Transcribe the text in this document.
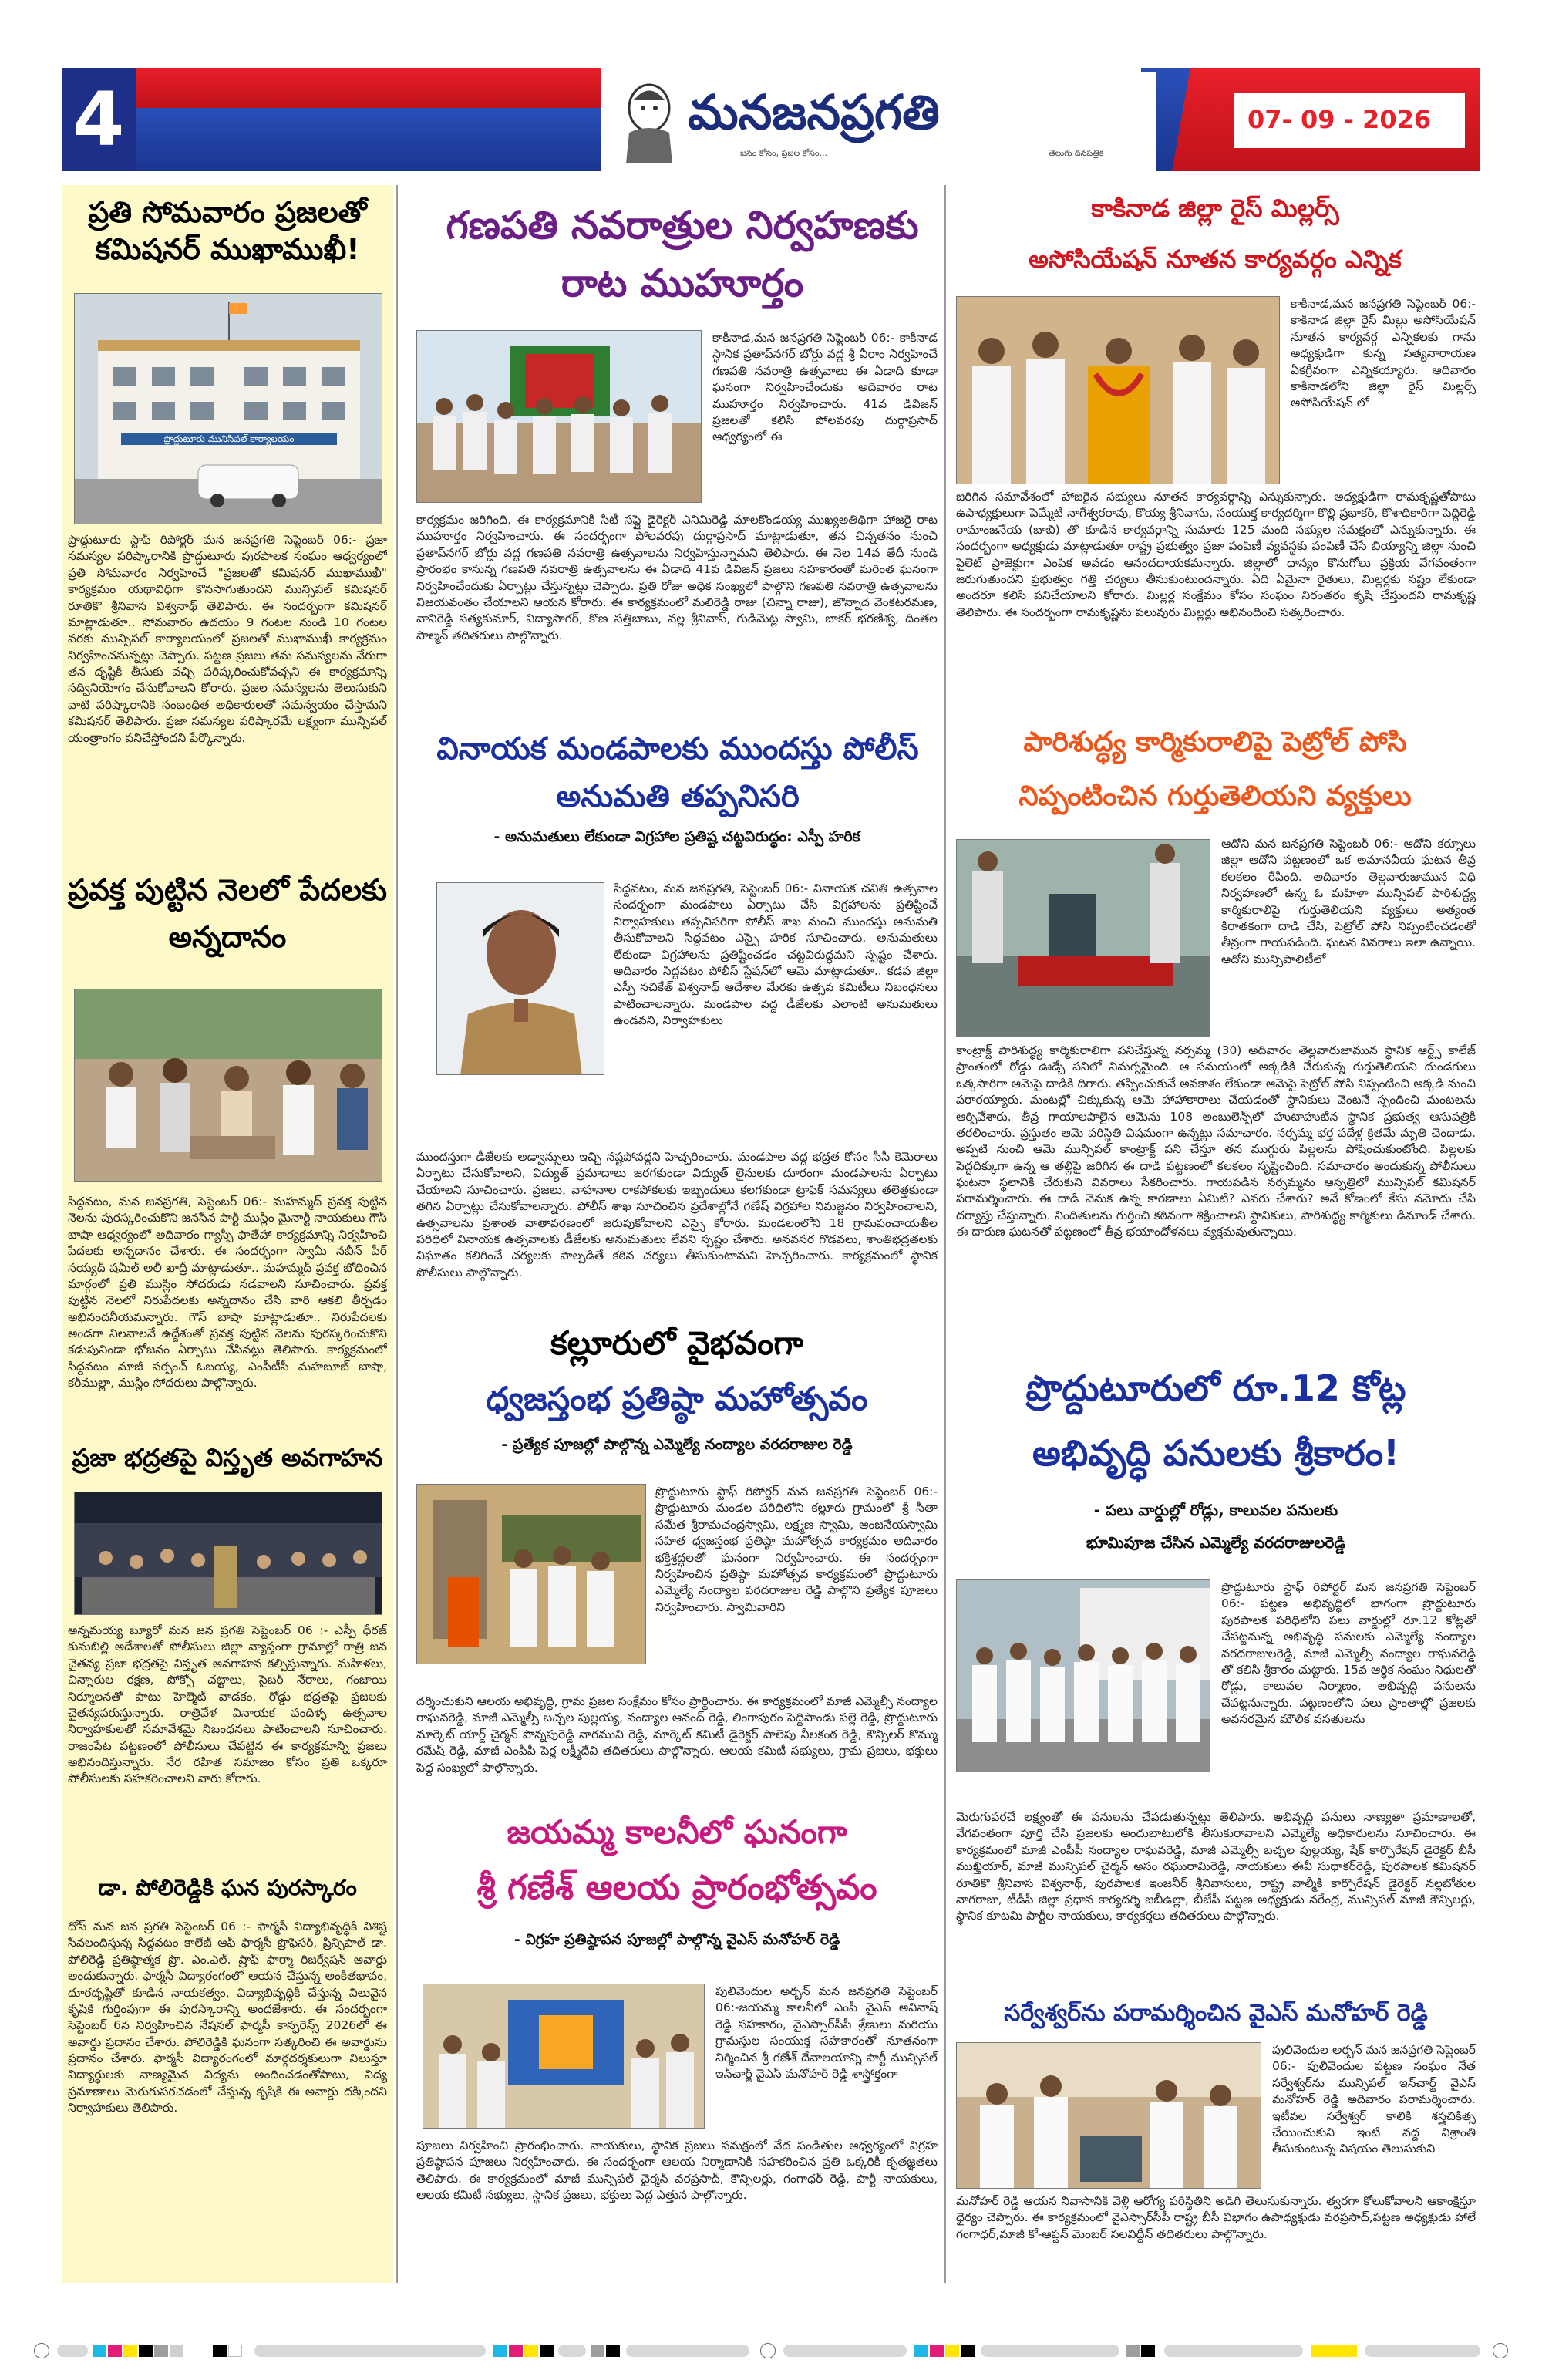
4	మనజనప్రగతి
జనం కోసం, ప్రజల కోసం...	తెలుగు దినపత్రిక
07- 09 - 2026
ప్రతి సోమవారం ప్రజలతో కమిషనర్ ముఖాముఖీ!
ప్రొద్దుటూరు మునిసిపల్ కార్యాలయం
ప్రొద్దుటూరు స్టాఫ్ రిపోర్టర్ మన జనప్రగతి సెప్టెంబర్ 06:- ప్రజా సమస్యల పరిష్కారానికి ప్రొద్దుటూరు పురపాలక సంఘం ఆధ్వర్యంలో ప్రతి సోమవారం నిర్వహించే "ప్రజలతో కమిషనర్ ముఖాముఖీ" కార్యక్రమం యథావిధిగా కొనసాగుతుందని మున్సిపల్ కమిషనర్ రూతికొ శ్రీనివాస విశ్వనాథ్ తెలిపారు. ఈ సందర్భంగా కమిషనర్ మాట్లాడుతూ.. సోమవారం ఉదయం 9 గంటల నుండి 10 గంటల వరకు మున్సిపల్ కార్యాలయంలో ప్రజలతో ముఖాముఖీ కార్యక్రమం నిర్వహించనున్నట్లు చెప్పారు. పట్టణ ప్రజలు తమ సమస్యలను నేరుగా తన దృష్టికి తీసుకు వచ్చి పరిష్కరించుకోవచ్చని ఈ కార్యక్రమాన్ని సద్వినియోగం చేసుకోవాలని కోరారు. ప్రజల సమస్యలను తెలుసుకుని వాటి పరిష్కారానికి సంబంధిత అధికారులతో సమన్వయం చేస్తామని కమిషనర్ తెలిపారు. ప్రజా సమస్యల పరిష్కారమే లక్ష్యంగా మున్సిపల్ యంత్రాంగం పనిచేస్తోందని పేర్కొన్నారు.
ప్రవక్త పుట్టిన నెలలో పేదలకు అన్నదానం
సిద్దవటం, మన జనప్రగతి, సెప్టెంబర్ 06:- మహమ్మద్ ప్రవక్త పుట్టిన నెలను పురస్కరించుకొని జనసేన పార్టీ ముస్లిం మైనార్టీ నాయకులు గౌస్ బాషా ఆధ్వర్యంలో అదివారం గ్యాస్పీ ఫాతేహా కార్యక్రమాన్ని నిర్వహించి పేదలకు అన్నదానం చేశారు. ఈ సందర్భంగా స్వామీ నబీన్ పీర్ సయ్యద్ షమీల్ అలీ ఖాద్రీ మాట్లాడుతూ.. మహమ్మద్ ప్రవక్త బోధించిన మార్గంలో ప్రతి ముస్లిం సోదరుడు నడవాలని సూచించారు. ప్రవక్త పుట్టిన నెలలో నిరుపేదలకు అన్నదానం చేసి వారి ఆకలి తీర్చడం అభినందనీయమన్నారు. గౌస్ బాషా మాట్లాడుతూ.. నిరుపేదలకు అండగా నిలవాలనే ఉద్దేశంతో ప్రవక్త పుట్టిన నెలను పురస్కరించుకొని కడుపునిండా భోజనం ఏర్పాటు చేసినట్లు తెలిపారు. కార్యక్రమంలో సిద్దవటం మాజీ సర్పంచ్ ఓబయ్య, ఎంపీటీసీ మహబూబ్ బాషా, కరీముల్లా, ముస్లిం సోదరులు పాల్గొన్నారు.
ప్రజా భద్రతపై విస్తృత అవగాహన
అన్నమయ్య బ్యూరో మన జన ప్రగతి సెప్టెంబర్ 06 :- ఎస్పీ ధీరజ్ కునుబిల్లి అదేశాలతో పోలీసులు జిల్లా వ్యాప్తంగా గ్రామాల్లో రాత్రి జన చైతన్య ప్రజా భద్రతపై విస్తృత అవగాహన కల్పిస్తున్నారు. మహిళలు, చిన్నారుల రక్షణ, పోక్సో చట్టాలు, సైబర్ నేరాలు, గంజాయి నిర్మూలనతో పాటు హెల్మెట్ వాడకం, రోడ్డు భద్రతపై ప్రజలకు చైతన్యపరుస్తున్నారు. రాత్రివేళ వినాయక పందిళ్ళ ఉత్సవాల నిర్వాహకులతో సమావేశమై నిబంధనలు పాటించాలని సూచించారు. రాజంపేట పట్టణంలో పోలీసులు చేపట్టిన ఈ కార్యక్రమాన్ని ప్రజలు అభినందిస్తున్నారు. నేర రహిత సమాజం కోసం ప్రతి ఒక్కరూ పోలీసులకు సహకరించాలని వారు కోరారు.
డా. పోలిరెడ్డికి ఘన పురస్కారం
దోస్ మన జన ప్రగతి సెప్టెంబర్ 06 :- ఫార్మసీ విద్యాభివృద్ధికి విశిష్ట సేవలందిస్తున్న సిద్దవటం కాలేజ్ ఆఫ్ ఫార్మసీ ప్రొఫెసర్, ప్రిన్సిపాల్ డా. పోలిరెడ్డి ప్రతిష్ఠాత్మక ప్రొ. ఎం.ఎల్. ష్రాఫ్ ఫార్మా రిజర్వేషన్ అవార్డు అందుకున్నారు. ఫార్మసీ విద్యారంగంలో ఆయన చేస్తున్న అంకితభావం, దూరదృష్టితో కూడిన నాయకత్వం, విద్యాభివృద్ధికి చేస్తున్న విలువైన కృషికి గుర్తింపుగా ఈ పురస్కారాన్ని అందజేశారు. ఈ సందర్భంగా సెప్టెంబర్ 6న నిర్వహించిన నేషనల్ ఫార్మసీ కాన్ఫరెన్స్ 2026లో ఈ అవార్డు ప్రదానం చేశారు. పోలిరెడ్డికి ఘనంగా సత్కరించి ఈ అవార్డును ప్రదానం చేశారు. ఫార్మసీ విద్యారంగంలో మార్గదర్శకులుగా నిలుస్తూ విద్యార్థులకు నాణ్యమైన విద్యను అందించడంతోపాటు, విద్య ప్రమాణాలు మెరుగుపరచడంలో చేస్తున్న కృషికి ఈ అవార్డు దక్కిందని నిర్వాహకులు తెలిపారు.
గణపతి నవరాత్రుల నిర్వహణకు రాట ముహూర్తం
కాకినాడ,మన జనప్రగతి సెప్టెంబర్ 06:- కాకినాడ స్థానిక ప్రతాప్‌నగర్ బోర్డు వద్ద శ్రీ వీరాం నిర్వహించే గణపతి నవరాత్రి ఉత్సవాలు ఈ ఏడాది కూడా ఘనంగా నిర్వహించేందుకు అదివారం రాట ముహూర్తం నిర్వహించారు. 41వ డివిజన్ ప్రజలతో కలిసి పోలవరపు దుర్గాప్రసాద్ ఆధ్వర్యంలో ఈ
కార్యక్రమం జరిగింది. ఈ కార్యక్రమానికి సిటీ సప్లై డైరెక్టర్ ఎనిమిరెడ్డి మాలకొండయ్య ముఖ్యఅతిథిగా హాజరై రాట ముహూర్తం నిర్వహించారు. ఈ సందర్భంగా పోలవరపు దుర్గాప్రసాద్ మాట్లాడుతూ, తన చిన్నతనం నుంచి ప్రతాప్‌నగర్ బోర్డు వద్ద గణపతి నవరాత్రి ఉత్సవాలను నిర్వహిస్తున్నామని తెలిపారు. ఈ నెల 14వ తేదీ నుండి ప్రారంభం కానున్న గణపతి నవరాత్రి ఉత్సవాలను ఈ ఏడాది 41వ డివిజన్ ప్రజలు సహకారంతో మరింత ఘనంగా నిర్వహించేందుకు ఏర్పాట్లు చేస్తున్నట్లు చెప్పారు. ప్రతి రోజు అధిక సంఖ్యలో పాల్గొని గణపతి నవరాత్రి ఉత్సవాలను విజయవంతం చేయాలని ఆయన కోరారు. ఈ కార్యక్రమంలో మలిరెడ్డి రాజు (చిన్నా రాజు), జొన్నాద వెంకటరమణ, వానిరెడ్డి సత్యకుమార్, విద్యాసాగర్, కొణ సత్తిబాబు, వల్ల శ్రీనివాస్, గుడిమెట్ల స్వామి, బాకర్ భరణిశ్వ, దింతల సాల్మన్ తదితరులు పాల్గొన్నారు.
వినాయక మండపాలకు ముందస్తు పోలీస్ అనుమతి తప్పనిసరి
- అనుమతులు లేకుండా విగ్రహాల ప్రతిష్ట చట్టవిరుద్ధం: ఎస్పీ హరిక
సిద్దవటం, మన జనప్రగతి, సెప్టెంబర్ 06:- వినాయక చవితి ఉత్సవాల సందర్భంగా మండపాలు ఏర్పాటు చేసి విగ్రహాలను ప్రతిష్టించే నిర్వాహకులు తప్పనిసరిగా పోలీస్ శాఖ నుంచి ముందస్తు అనుమతి తీసుకోవాలని సిద్దవటం ఎస్సై హరిక సూచించారు. అనుమతులు లేకుండా విగ్రహాలను ప్రతిష్టించడం చట్టవిరుద్ధమని స్పష్టం చేశారు. అదివారం సిద్దవటం పోలీస్ స్టేషన్‌లో ఆమె మాట్లాడుతూ.. కడప జిల్లా ఎస్పీ నచికేత్ విశ్వనాథ్ ఆదేశాల మేరకు ఉత్సవ కమిటీలు నిబంధనలు పాటించాలన్నారు. మండపాల వద్ద డీజేలకు ఎలాంటి అనుమతులు ఉండవని, నిర్వాహకులు
ముందస్తుగా డీజేలకు అడ్వాన్సులు ఇచ్చి నష్టపోవద్దని హెచ్చరించారు. మండపాల వద్ద భద్రత కోసం సీసీ కెమెరాలు ఏర్పాటు చేసుకోవాలని, విద్యుత్ ప్రమాదాలు జరగకుండా విద్యుత్ లైనులకు దూరంగా మండపాలను ఏర్పాటు చేయాలని సూచించారు. ప్రజలు, వాహనాల రాకపోకలకు ఇబ్బందులు కలగకుండా ట్రాఫిక్ సమస్యలు తలెత్తకుండా తగిన ఏర్పాట్లు చేసుకోవాలన్నారు. పోలీస్ శాఖ సూచించిన ప్రదేశాల్లోనే గణేష్ విగ్రహాల నిమజ్జనం నిర్వహించాలని, ఉత్సవాలను ప్రశాంత వాతావరణంలో జరుపుకోవాలని ఎస్సై కోరారు. మండలంలోని 18 గ్రామపంచాయతీల పరిధిలో వినాయక ఉత్సవాలకు డీజేలకు అనుమతులు లేవని స్పష్టం చేశారు. అనవసర గొడవలు, శాంతిభద్రతలకు విఘాతం కలిగించే చర్యలకు పాల్పడితే కఠిన చర్యలు తీసుకుంటామని హెచ్చరించారు. కార్యక్రమంలో స్థానిక పోలీసులు పాల్గొన్నారు.
కల్లూరులో వైభవంగా
ధ్వజస్తంభ ప్రతిష్ఠా మహోత్సవం
- ప్రత్యేక పూజల్లో పాల్గొన్న ఎమ్మెల్యే నంద్యాల వరదరాజుల రెడ్డి
ప్రొద్దుటూరు స్టాఫ్ రిపోర్టర్ మన జనప్రగతి సెప్టెంబర్ 06:-ప్రొద్దుటూరు మండల పరిధిలోని కల్లూరు గ్రామంలో శ్రీ సీతా సమేత శ్రీరామచంద్రస్వామి, లక్ష్మణ స్వామి, ఆంజనేయస్వామి సహిత ధ్వజస్తంభ ప్రతిష్ఠా మహోత్సవ కార్యక్రమం అదివారం భక్తిశ్రద్ధలతో ఘనంగా నిర్వహించారు. ఈ సందర్భంగా నిర్వహించిన ప్రతిష్ఠా మహోత్సవ కార్యక్రమంలో ప్రొద్దుటూరు ఎమ్మెల్యే నంద్యాల వరదరాజుల రెడ్డి పాల్గొని ప్రత్యేక పూజలు నిర్వహించారు. స్వామివారిని
దర్శించుకుని ఆలయ అభివృద్ధి, గ్రామ ప్రజల సంక్షేమం కోసం ప్రార్థించారు. ఈ కార్యక్రమంలో మాజీ ఎమ్మెల్సీ నంద్యాల రాఘవరెడ్డి, మాజీ ఎమ్మెల్సీ బచ్చల పుల్లయ్య, నంద్యాల ఆనంద్ రెడ్డి, లింగాపురం పెద్దిపాండు పల్లె రెడ్డి, ప్రొద్దుటూరు మార్కెట్ యార్డ్ చైర్మన్ పొన్నపురెడ్డి నాగముని రెడ్డి, మార్కెట్ కమిటీ డైరెక్టర్ పాలెపు నీలకంఠ రెడ్డి, కౌన్సిలర్ కొమ్ము రమేష్ రెడ్డి, మాజీ ఎంపీపీ పెర్ల లక్ష్మీదేవి తదితరులు పాల్గొన్నారు. ఆలయ కమిటీ సభ్యులు, గ్రామ ప్రజలు, భక్తులు పెద్ద సంఖ్యలో పాల్గొన్నారు.
జయమ్మ కాలనీలో ఘనంగా
శ్రీ గణేశ్ ఆలయ ప్రారంభోత్సవం
- విగ్రహ ప్రతిష్ఠాపన పూజల్లో పాల్గొన్న వైఎస్ మనోహర్ రెడ్డి
పులివెందుల అర్బన్ మన జనప్రగతి సెప్టెంబర్ 06:-జయమ్మ కాలనీలో ఎంపీ వైఎస్ అవినాష్ రెడ్డి సహకారం, వైఎస్సార్‌సీపీ శ్రేణులు మరియు గ్రామస్తుల సంయుక్త సహకారంతో నూతనంగా నిర్మించిన శ్రీ గణేశ్ దేవాలయాన్ని పార్టీ మున్సిపల్ ఇన్‌చార్జ్ వైఎస్ మనోహర్ రెడ్డి శాస్త్రోక్తంగా
పూజలు నిర్వహించి ప్రారంభించారు. నాయకులు, స్థానిక ప్రజలు సమక్షంలో వేద పండితుల ఆధ్వర్యంలో విగ్రహ ప్రతిష్ఠాపన పూజలు నిర్వహించారు. ఈ సందర్భంగా ఆలయ నిర్మాణానికి సహకరించిన ప్రతి ఒక్కరికీ కృతజ్ఞతలు తెలిపారు. ఈ కార్యక్రమంలో మాజీ మున్సిపల్ చైర్మన్ వరప్రసాద్, కౌన్సిలర్లు, గంగాధర్ రెడ్డి, పార్టీ నాయకులు, ఆలయ కమిటీ సభ్యులు, స్థానిక ప్రజలు, భక్తులు పెద్ద ఎత్తున పాల్గొన్నారు.
కాకినాడ జిల్లా రైస్ మిల్లర్స్
అసోసియేషన్ నూతన కార్యవర్గం ఎన్నిక
కాకినాడ,మన జనప్రగతి సెప్టెంబర్ 06:- కాకినాడ జిల్లా రైస్ మిల్లు అసోసియేషన్ నూతన కార్యవర్గ ఎన్నికలకు గాను అధ్యక్షుడిగా కున్న సత్యనారాయణ ఏకగ్రీవంగా ఎన్నికయ్యారు. ఆదివారం కాకినాడలోని జిల్లా రైస్ మిల్లర్స్ అసోసియేషన్ లో
జరిగిన సమావేశంలో హాజరైన సభ్యులు నూతన కార్యవర్గాన్ని ఎన్నుకున్నారు. అధ్యక్షుడిగా రామకృష్ణతోపాటు ఉపాధ్యక్షులుగా పెమ్మేటి నాగేశ్వరరావు, కొయ్య శ్రీనివాసు, సంయుక్త కార్యదర్శిగా కొల్లి ప్రభాకర్, కోశాధికారిగా పెద్దిరెడ్డి రామాంజనేయ (బాబి) తో కూడిన కార్యవర్గాన్ని సుమారు 125 మంది సభ్యుల సమక్షంలో ఎన్నుకున్నారు. ఈ సందర్భంగా అధ్యక్షుడు మాట్లాడుతూ రాష్ట్ర ప్రభుత్వం ప్రజా పంపిణీ వ్యవస్థకు పంపిణీ చేసే బియ్యాన్ని జిల్లా నుంచి పైలెట్ ప్రాజెక్టుగా ఎంపిక అవడం ఆనందదాయకమన్నారు. జిల్లాలో ధాన్యం కొనుగోలు ప్రక్రియ వేగవంతంగా జరుగుతుందని ప్రభుత్వం గత్తి చర్యలు తీసుకుంటుందన్నారు. ఏది ఏమైనా రైతులు, మిల్లర్లకు నష్టం లేకుండా అందరూ కలిసి పనిచేయాలని కోరారు. మిల్లర్ల సంక్షేమం కోసం సంఘం నిరంతరం కృషి చేస్తుందని రామకృష్ణ తెలిపారు. ఈ సందర్భంగా రామకృష్ణను పలువురు మిల్లర్లు అభినందించి సత్కరించారు.
పారిశుద్ధ్య కార్మికురాలిపై పెట్రోల్ పోసి
నిప్పంటించిన గుర్తుతెలియని వ్యక్తులు
ఆదోని మన జనప్రగతి సెప్టెంబర్ 06:- ఆదోని కర్నూలు జిల్లా ఆదోని పట్టణంలో ఒక అమానవీయ ఘటన తీవ్ర కలకలం రేపింది. అదివారం తెల్లవారుజామున విధి నిర్వహణలో ఉన్న ఓ మహిళా మున్సిపల్ పారిశుద్ధ్య కార్మికురాలిపై గుర్తుతెలియని వ్యక్తులు అత్యంత కిరాతకంగా దాడి చేసి, పెట్రోల్ పోసి నిప్పంటించడంతో తీవ్రంగా గాయపడింది. ఘటన వివరాలు ఇలా ఉన్నాయి. ఆదోని మున్సిపాలిటీలో
కాంట్రాక్ట్ పారిశుద్ధ్య కార్మికురాలిగా పనిచేస్తున్న నర్సమ్మ (30) అదివారం తెల్లవారుజామున స్థానిక ఆర్ట్స్ కాలేజ్ ప్రాంతంలో రోడ్డు ఊడ్చే పనిలో నిమగ్నమైంది. ఆ సమయంలో అక్కడికి చేరుకున్న గుర్తుతెలియని దుండగులు ఒక్కసారిగా ఆమెపై దాడికి దిగారు. తప్పించుకునే అవకాశం లేకుండా ఆమెపై పెట్రోల్ పోసి నిప్పంటించి అక్కడి నుంచి పరారయ్యారు. మంటల్లో చిక్కుకున్న ఆమె హాహాకారాలు చేయడంతో స్థానికులు వెంటనే స్పందించి మంటలను ఆర్పివేశారు. తీవ్ర గాయాలపాలైన ఆమెను 108 అంబులెన్స్‌లో హుటాహుటిన స్థానిక ప్రభుత్వ ఆసుపత్రికి తరలించారు. ప్రస్తుతం ఆమె పరిస్థితి విషమంగా ఉన్నట్లు సమాచారం. నర్సమ్మ భర్త పదేళ్ల క్రితమే మృతి చెందాడు. అప్పటి నుంచి ఆమె మున్సిపల్ కాంట్రాక్ట్ పని చేస్తూ తన ముగ్గురు పిల్లలను పోషించుకుంటోంది. పిల్లలకు పెద్దదిక్కుగా ఉన్న ఆ తల్లిపై జరిగిన ఈ దాడి పట్టణంలో కలకలం సృష్టించింది. సమాచారం అందుకున్న పోలీసులు ఘటనా స్థలానికి చేరుకుని వివరాలు సేకరించారు. గాయపడిన నర్సమ్మను ఆస్పత్రిలో మున్సిపల్ కమిషనర్ పరామర్శించారు. ఈ దాడి వెనుక ఉన్న కారణాలు ఏమిటి? ఎవరు చేశారు? అనే కోణంలో కేసు నమోదు చేసి దర్యాప్తు చేస్తున్నారు. నిందితులను గుర్తించి కఠినంగా శిక్షించాలని స్థానికులు, పారిశుద్ధ్య కార్మికులు డిమాండ్ చేశారు. ఈ దారుణ ఘటనతో పట్టణంలో తీవ్ర భయాందోళనలు వ్యక్తమవుతున్నాయి.
ప్రొద్దుటూరులో రూ.12 కోట్ల
అభివృద్ధి పనులకు శ్రీకారం!
- పలు వార్డుల్లో రోడ్లు, కాలువల పనులకు
భూమిపూజ చేసిన ఎమ్మెల్యే వరదరాజులరెడ్డి
ప్రొద్దుటూరు స్టాఫ్ రిపోర్టర్ మన జనప్రగతి సెప్టెంబర్ 06:- పట్టణ అభివృద్ధిలో భాగంగా ప్రొద్దుటూరు పురపాలక పరిధిలోని పలు వార్డుల్లో రూ.12 కోట్లతో చేపట్టనున్న అభివృద్ధి పనులకు ఎమ్మెల్యే నంద్యాల వరదరాజులరెడ్డి, మాజీ ఎమ్మెల్సీ నంద్యాల రాఘవరెడ్డి తో కలిసి శ్రీకారం చుట్టారు. 15వ ఆర్థిక సంఘం నిధులతో రోడ్లు, కాలువల నిర్మాణం, అభివృద్ధి పనులను చేపట్టనున్నారు. పట్టణంలోని పలు ప్రాంతాల్లో ప్రజలకు అవసరమైన మౌలిక వసతులను
మెరుగుపరచే లక్ష్యంతో ఈ పనులను చేపడుతున్నట్లు తెలిపారు. అభివృద్ధి పనులు నాణ్యతా ప్రమాణాలతో, వేగవంతంగా పూర్తి చేసి ప్రజలకు అందుబాటులోకి తీసుకురావాలని ఎమ్మెల్యే అధికారులను సూచించారు. ఈ కార్యక్రమంలో మాజీ ఎంపీపీ నంద్యాల రాఘవరెడ్డి, మాజీ ఎమ్మెల్సీ బచ్చల పుల్లయ్య, షేక్ కార్పొరేషన్ డైరెక్టర్ బీసీ ముఖ్తియార్, మాజీ మున్సిపల్ చైర్మన్ అసం రఘురామిరెడ్డి, నాయకులు ఈవీ సుధాకర్‌రెడ్డి, పురపాలక కమిషనర్ రూతికొ శ్రీనివాస విశ్వనాథ్, పురపాలక ఇంజనీర్ శ్రీనివాసులు, రాష్ట్ర వాల్మీకి కార్పొరేషన్ డైరెక్టర్ నల్లబోతుల నాగరాజు, టీడీపీ జిల్లా ప్రధాన కార్యదర్శి జబీఉల్లా, బీజేపీ పట్టణ అధ్యక్షుడు నరేంద్ర, మున్సిపల్ మాజీ కౌన్సిలర్లు, స్థానిక కూటమి పార్టీల నాయకులు, కార్యకర్తలు తదితరులు పాల్గొన్నారు.
సర్వేశ్వర్‌ను పరామర్శించిన వైఎస్ మనోహర్ రెడ్డి
పులివెందుల అర్బన్ మన జనప్రగతి సెప్టెంబర్ 06:- పులివెందుల పట్టణ సంఘం నేత సర్వేశ్వర్‌ను మున్సిపల్ ఇన్‌చార్జ్ వైఎస్ మనోహర్ రెడ్డి అదివారం పరామర్శించారు. ఇటీవల సర్వేశ్వర్ కాలికి శస్త్రచికిత్స చేయించుకుని ఇంటి వద్ద విశ్రాంతి తీసుకుంటున్న విషయం తెలుసుకుని
మనోహర్ రెడ్డి ఆయన నివాసానికి వెళ్లి ఆరోగ్య పరిస్థితిని అడిగి తెలుసుకున్నారు. త్వరగా కోలుకోవాలని ఆకాంక్షిస్తూ ధైర్యం చెప్పారు. ఈ కార్యక్రమంలో వైఎస్సార్‌సీపీ రాష్ట్ర బీసీ విభాగం ఉపాధ్యక్షుడు వరప్రసాద్,పట్టణ అధ్యక్షుడు హాలే గంగాధర్,మాజీ కో-ఆప్షన్ మెంబర్ సలవిద్దీన్ తదితరులు పాల్గొన్నారు.
